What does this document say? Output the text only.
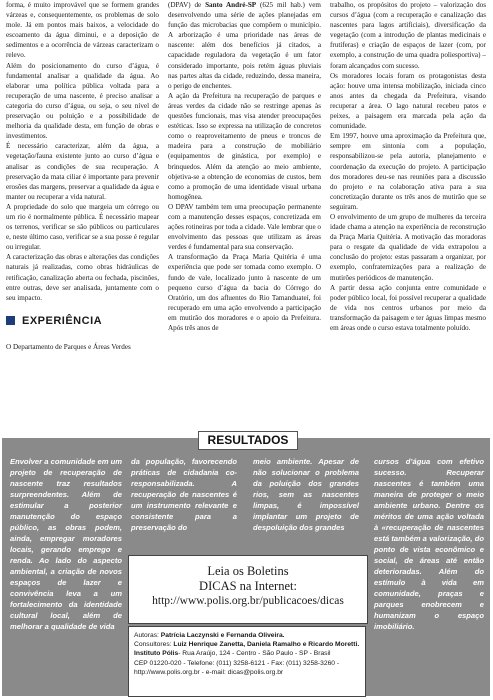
forma, é muito improvável que se formem grandes várzeas e, consequentemente, os problemas de solo mole. Já em pontos mais baixos, a velocidade do escoamento da água diminui, e a deposição de sedimentos e a ocorrência de várzeas caracterizam o relevo.

Além do posicionamento do curso d’água, é fundamental analisar a qualidade da água. Ao elaborar uma política pública voltada para a recuperação de uma nascente, é preciso analisar a categoria do curso d’água, ou seja, o seu nível de preservação ou poluição e a possibilidade de melhoria da qualidade desta, em função de obras e investimentos.

É necessário caracterizar, além da água, a vegetação/fauna existente junto ao curso d’água e analisar as condições de sua recuperação. A preservação da mata ciliar é importante para prevenir erosões das margens, preservar a qualidade da água e manter ou recuperar a vida natural.

A propriedade do solo que margeia um córrego ou um rio é normalmente pública. É necessário mapear os terrenos, verificar se são públicos ou particulares e, neste último caso, verificar se a sua posse é regular ou irregular.

A caracterização das obras e alterações das condições naturais já realizadas, como obras hidráulicas de retificação, canalização aberta ou fechada, piscinões, entre outras, deve ser analisada, juntamente com o seu impacto.

EXPERIÊNCIA

O Departamento de Parques e Áreas Verdes

(DPAV) de Santo André-SP (625 mil hab.) vem desenvolvendo uma série de ações planejadas em função das microbacias que compõem o município. A arborização é uma prioridade nas áreas de nascente: além dos benefícios já citados, a capacidade reguladora da vegetação é um fator considerado importante, pois retém águas pluviais nas partes altas da cidade, reduzindo, dessa maneira, o perigo de enchentes.

A ação da Prefeitura na recuperação de parques e áreas verdes da cidade não se restringe apenas às questões funcionais, mas visa atender preocupações estéticas. Isso se expressa na utilização de concretos como o reaproveitamento de pneus e troncos de madeira para a construção de mobiliário (equipamentos de ginástica, por exemplo) e brinquedos. Além da atenção ao meio ambiente, objetiva-se a obtenção de economias de custos, bem como a promoção de uma identidade visual urbana homogênea.

O DPAV também tem uma preocupação permanente com a manutenção desses espaços, concretizada em ações rotineiras por toda a cidade. Vale lembrar que o envolvimento das pessoas que utilizam as áreas verdes é fundamental para sua conservação.

A transformação da Praça Maria Quitéria é uma experiência que pode ser tomada como exemplo. O fundo de vale, localizado junto à nascente de um pequeno curso d’água da bacia do Córrego do Oratório, um dos afluentes do Rio Tamanduateí, foi recuperado em uma ação envolvendo a participação em mutirão dos moradores e o apoio da Prefeitura. Após três anos de

trabalho, os propósitos do projeto – valorização dos cursos d’água (com a recuperação e canalização das nascentes para lagos artificiais), diversificação da vegetação (com a introdução de plantas medicinais e frutíferas) e criação de espaços de lazer (com, por exemplo, a construção de uma quadra poliesportiva) – foram alcançados com sucesso.

Os moradores locais foram os protagonistas desta ação: houve uma intensa mobilização, iniciada cinco anos antes da chegada da Prefeitura, visando recuperar a área. O lago natural recebeu patos e peixes, a paisagem era marcada pela ação da comunidade.

Em 1997, houve uma aproximação da Prefeitura que, sempre em sintonia com a população, responsabilizou-se pela autoria, planejamento e coordenação da execução do projeto. A participação dos moradores deu-se nas reuniões para a discussão do projeto e na colaboração ativa para a sua concretização durante os três anos de mutirão que se seguiram.

O envolvimento de um grupo de mulheres da terceira idade chama a atenção na experiência de reconstrução da Praça Maria Quitéria. A motivação das moradoras para o resgate da qualidade de vida extrapolou a conclusão do projeto: estas passaram a organizar, por exemplo, confraternizações para a realização de mutirões periódicos de manutenção.

A partir dessa ação conjunta entre comunidade e poder público local, foi possível recuperar a qualidade de vida nos centros urbanos por meio da transformação da paisagem e ter águas limpas mesmo em áreas onde o curso estava totalmente poluído.

RESULTADOS
Envolver a comunidade em um projeto de recuperação de nascente traz resultados surpreendentes. Além de estimular a posterior manutenção do espaço público, as obras podem, ainda, empregar moradores locais, gerando emprego e renda. Ao lado do aspecto ambiental, a criação de novos espaços de lazer e convivência leva a um fortalecimento da identidade cultural local, além de melhorar a qualidade de vida
da população, favorecendo práticas de cidadania co-responsabilizada. A recuperação de nascentes é um instrumento relevante e consistente para a preservação do
meio ambiente. Apesar de não solucionar o problema da poluição dos grandes rios, sem as nascentes limpas, é impossível implantar um projeto de despoluição dos grandes
cursos d’água com efetivo sucesso. Recuperar nascentes é também uma maneira de proteger o meio ambiente urbano. Dentre os méritos de uma ação voltada à «recuperação de nascentes está também a valorização, do ponto de vista econômico e social, de áreas até então deterioradas. Além do estímulo à vida em comunidade, praças e parques enobrecem e humanizam o espaço imobiliário.
Leia os Boletins
DICAS na Internet:
http://www.polis.org.br/publicacoes/dicas

Autoras: Patrícia Laczynski e Fernanda Oliveira.

Consultores: Luiz Henrique Zanetta, Daniela Ramalho e Ricardo Moretti.

Instituto Pólis- Rua Araújo, 124 - Centro - São Paulo - SP - Brasil

CEP 01220-020 - Telefone: (011) 3258-6121 - Fax: (011) 3258-3260 -

http://www.polis.org.br - e-mail: dicas@polis.org.br
